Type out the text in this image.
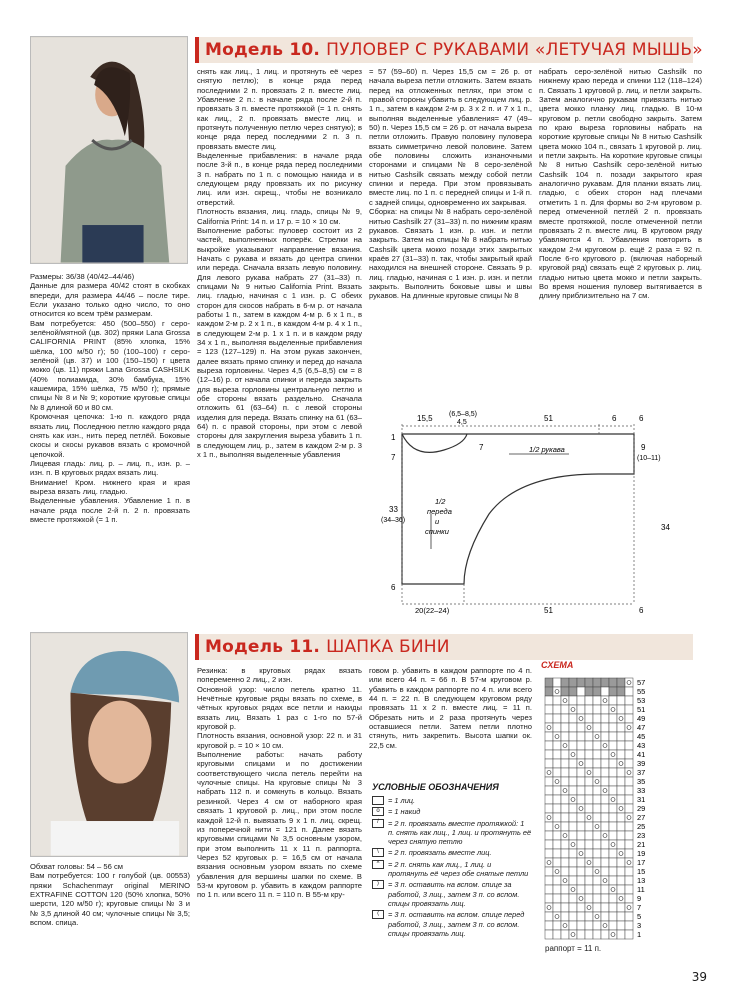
Модель 10. ПУЛОВЕР С РУКАВАМИ «ЛЕТУЧАЯ МЫШЬ»

Размеры: 36/38 (40/42–44/46)

Данные для размера 40/42 стоят в скобках впереди, для размера 44/46 – после тире. Если указано только одно число, то оно относится ко всем трём размерам.

Вам потребуется: 450 (500–550) г серо-зелёной/мятной (цв. 302) пряжи Lana Grossa CALIFORNIA PRINT (85% хлопка, 15% шёлка, 100 м/50 г); 50 (100–100) г серо-зелёной (цв. 37) и 100 (150–150) г цвета мокко (цв. 11) пряжи Lana Grossa CASHSILK (40% полиамида, 30% бамбука, 15% кашемира, 15% шёлка, 75 м/50 г); прямые спицы № 8 и № 9; короткие круговые спицы № 8 длиной 60 и 80 см.

Кромочная цепочка: 1-ю п. каждого ряда вязать лиц. Последнюю петлю каждого ряда снять как изн., нить перед петлёй. Боковые скосы и скосы рукавов вязать с кромочной цепочкой.

Лицевая гладь: лиц. р. – лиц. п., изн. р. – изн. п. В круговых рядах вязать лиц.

Внимание! Кром. нижнего края и края выреза вязать лиц. гладью.

Выделенные убавления. Убавление 1 п. в начале ряда после 2-й п. 2 п. провязать вместе протяжкой (= 1 п.

снять как лиц., 1 лиц. и протянуть её через снятую петлю); в конце ряда перед последними 2 п. провязать 2 п. вместе лиц. Убавление 2 п.: в начале ряда после 2-й п. провязать 3 п. вместе протяжкой (= 1 п. снять как лиц., 2 п. провязать вместе лиц. и протянуть полученную петлю через снятую); в конце ряда перед последними 2 п. 3 п. провязать вместе лиц.

Выделенные прибавления: в начале ряда после 3-й п., в конце ряда перед последними 3 п. набрать по 1 п. с помощью накида и в следующем ряду провязать их по рисунку лиц. или изн. скрещ., чтобы не возникало отверстий.

Плотность вязания, лиц. гладь, спицы № 9, California Print: 14 п. и 17 р. = 10 × 10 см.

Выполнение работы: пуловер состоит из 2 частей, выполненных поперёк. Стрелки на выкройке указывают направление вязания. Начать с рукава и вязать до центра спинки или переда. Сначала вязать левую половину. Для левого рукава набрать 27 (31–33) п. спицами № 9 нитью California Print. Вязать лиц. гладью, начиная с 1 изн. р. С обеих сторон для скосов набрать в 6-м р. от начала работы 1 п., затем в каждом 4-м р. 6 х 1 п., в каждом 2-м р. 2 х 1 п., в каждом 4-м р. 4 х 1 п., в следующем 2-м р. 1 х 1 п. и в каждом ряду 34 х 1 п., выполняя выделенные прибавления = 123 (127–129) п. На этом рукав закончен, далее вязать прямо спинку и перед до начала выреза горловины. Через 4,5 (6,5–8,5) см = 8 (12–16) р. от начала спинки и переда закрыть для выреза горловины центральную петлю и обе стороны вязать раздельно. Сначала отложить 61 (63–64) п. с левой стороны изделия для переда. Вязать спинку на 61 (63–64) п. с правой стороны, при этом с левой стороны для закругления выреза убавить 1 п. в следующем лиц. р., затем в каждом 2-м р. 3 х 1 п., выполняя выделенные убавления

= 57 (59–60) п. Через 15,5 см = 26 р. от начала выреза петли отложить. Затем вязать перед на отложенных петлях, при этом с правой стороны убавить в следующем лиц. р. 1 п., затем в каждом 2-м р. 3 х 2 п. и 7 х 1 п., выполняя выделенные убавления= 47 (49–50) п. Через 15,5 см = 26 р. от начала выреза петли отложить. Правую половину пуловера вязать симметрично левой половине. Затем обе половины сложить изнаночными сторонами и спицами № 8 серо-зелёной нитью Cashsilk связать между собой петли спинки и переда. При этом провязывать вместе лиц. по 1 п. с передней спицы и 1-й п. с задней спицы, одновременно их закрывая.

Сборка: на спицы № 8 набрать серо-зелёной нитью Cashsilk 27 (31–33) п. по нижним краям рукавов. Связать 1 изн. р. изн. и петли закрыть. Затем на спицы № 8 набрать нитью Cashsilk цвета мокко позади этих закрытых краёв 27 (31–33) п. так, чтобы закрытый край находился на внешней стороне. Связать 9 р. лиц. гладью, начиная с 1 изн. р. изн. и петли закрыть. Выполнить боковые швы и швы рукавов. На длинные круговые спицы № 8

набрать серо-зелёной нитью Cashsilk по нижнему краю переда и спинки 112 (118–124) п. Связать 1 круговой р. лиц. и петли закрыть. Затем аналогично рукавам привязать нитью цвета мокко планку лиц. гладью. В 10-м круговом р. петли свободно закрыть. Затем по краю выреза горловины набрать на короткие круговые спицы № 8 нитью Cashsilk цвета мокко 104 п., связать 1 круговой р. лиц. и петли закрыть. На короткие круговые спицы № 8 нитью Cashsilk серо-зелёной нитью Cashsilk 104 п. позади закрытого края аналогично рукавам. Для планки вязать лиц. гладью, с обеих сторон над плечами отметить 1 п. Для формы во 2-м круговом р. перед отмеченной петлёй 2 п. провязать вместе протяжкой, после отмеченной петли провязать 2 п. вместе лиц. В круговом ряду убавляются 4 п. Убавления повторить в каждом 2-м круговом р. ещё 2 раза = 92 п. После 6-го кругового р. (включая наборный круговой ряд) связать ещё 2 круговых р. лиц. гладью нитью цвета мокко и петли закрыть. Во время ношения пуловер вытягивается в длину приблизительно на 7 см.

15,5 (6,5–8,5)
4,5	51	6	6
1
7
33
(34–36)
6
9
(10–11)
34
1/2 рукава
7
1/2
переда
и
спинки
20(22–24)	51	6
Модель 11. ШАПКА БИНИ

Обхват головы: 54 – 56 см

Вам потребуется: 100 г голубой (цв. 00553) пряжи Schachenmayr original MERINO EXTRAFINE COTTON 120 (50% хлопка, 50% шерсти, 120 м/50 г); круговые спицы № 3 и № 3,5 длиной 40 см; чулочные спицы № 3,5; вспом. спица.

Резинка: в круговых рядах вязать попеременно 2 лиц., 2 изн.

Основной узор: число петель кратно 11. Нечётные круговые ряды вязать по схеме, в чётных круговых рядах все петли и накиды вязать лиц. Вязать 1 раз с 1-го по 57-й круговой р.

Плотность вязания, основной узор: 22 п. и 31 круговой р. = 10 × 10 см.

Выполнение работы: начать работу круговыми спицами и по достижении соответствующего числа петель перейти на чулочные спицы. На круговые спицы № 3 набрать 112 п. и сомкнуть в кольцо. Вязать резинкой. Через 4 см от наборного края связать 1 круговой р. лиц., при этом после каждой 12-й п. вывязать 9 х 1 п. лиц. скрещ. из поперечной нити = 121 п. Далее вязать круговыми спицами № 3,5 основным узором, при этом выполнить 11 х 11 п. раппорта. Через 52 круговых р. = 16,5 см от начала вязания основным узором вязать по схеме убавления для вершины шапки по схеме. В 53-м круговом р. убавить в каждом раппорте по 1 п. или всего 11 п. = 110 п. В 55-м кру-

говом р. убавить в каждом раппорте по 4 п. или всего 44 п. = 66 п. В 57-м круговом р. убавить в каждом раппорте по 4 п. или всего 44 п. = 22 п. В следующем круговом ряду провязать 11 х 2 п. вместе лиц. = 11 п. Обрезать нить и 2 раза протянуть через оставшиеся петли. Затем петли плотно стянуть, нить закрепить. Высота шапки ок. 22,5 см.

УСЛОВНЫЕ ОБОЗНАЧЕНИЯ
= 1 лиц.
o	= 1 накид
/	= 2 п. провязать вместе протяжкой: 1 п. снять как лиц., 1 лиц. и протянуть её через снятую петлю
\	= 2 п. провязать вместе лиц.
^	= 2 п. снять как лиц., 1 лиц. и протянуть её через обе снятые петли
⟩	= 3 п. оставить на вспом. спице за работой, 3 лиц., затем 3 п. со вспом. спицы провязать лиц.
⟨	= 3 п. оставить на вспом. спице перед работой, 3 лиц., затем 3 п. со вспом. спицы провязать лиц.
СХЕМА
57
55
53
51
49
47
45
43
41
39
37
35
33
31
29
27
25
23
21
19
17
15
13
11
9
7
5
3
1
раппорт = 11 п.
39
